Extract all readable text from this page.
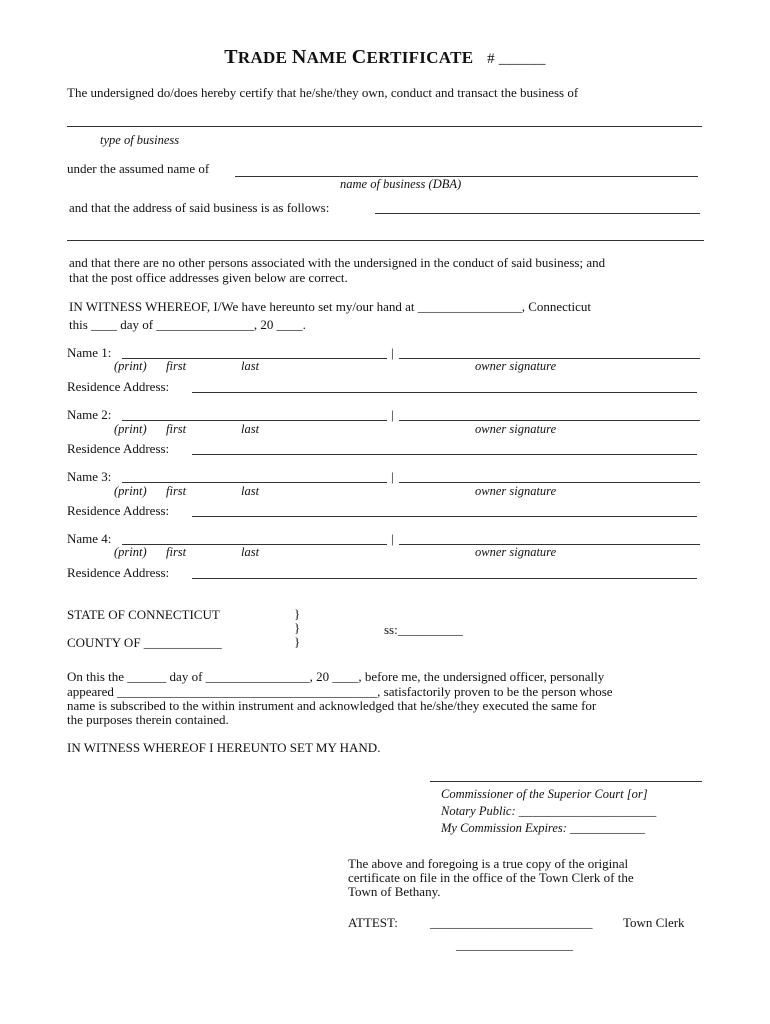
TRADE NAME CERTIFICATE # ______
The undersigned do/does hereby certify that he/she/they own, conduct and transact the business of
type of business
under the assumed name of
name of business (DBA)
and that the address of said business is as follows:
and that there are no other persons associated with the undersigned in the conduct of said business; and
that the post office addresses given below are correct.
IN WITNESS WHEREOF, I/We have hereunto set my/our hand at ________________, Connecticut
this ____ day of _______________, 20 ____.
Name 1:	|
(print) first	last	owner signature
Residence Address:
Name 2:	|
(print) first	last	owner signature
Residence Address:
Name 3:	|
(print) first	last	owner signature
Residence Address:
Name 4:	|
(print) first	last	owner signature
Residence Address:
STATE OF CONNECTICUT
COUNTY OF ____________
}
}
}
ss:__________
On this the ______ day of ________________, 20 ____, before me, the undersigned officer, personally
appeared ________________________________________, satisfactorily proven to be the person whose
name is subscribed to the within instrument and acknowledged that he/she/they executed the same for
the purposes therein contained.
IN WITNESS WHEREOF I HEREUNTO SET MY HAND.
Commissioner of the Superior Court [or]
Notary Public: ______________________
My Commission Expires: ____________
The above and foregoing is a true copy of the original
certificate on file in the office of the Town Clerk of the
Town of Bethany.
ATTEST: _________________________ Town Clerk
__________________
